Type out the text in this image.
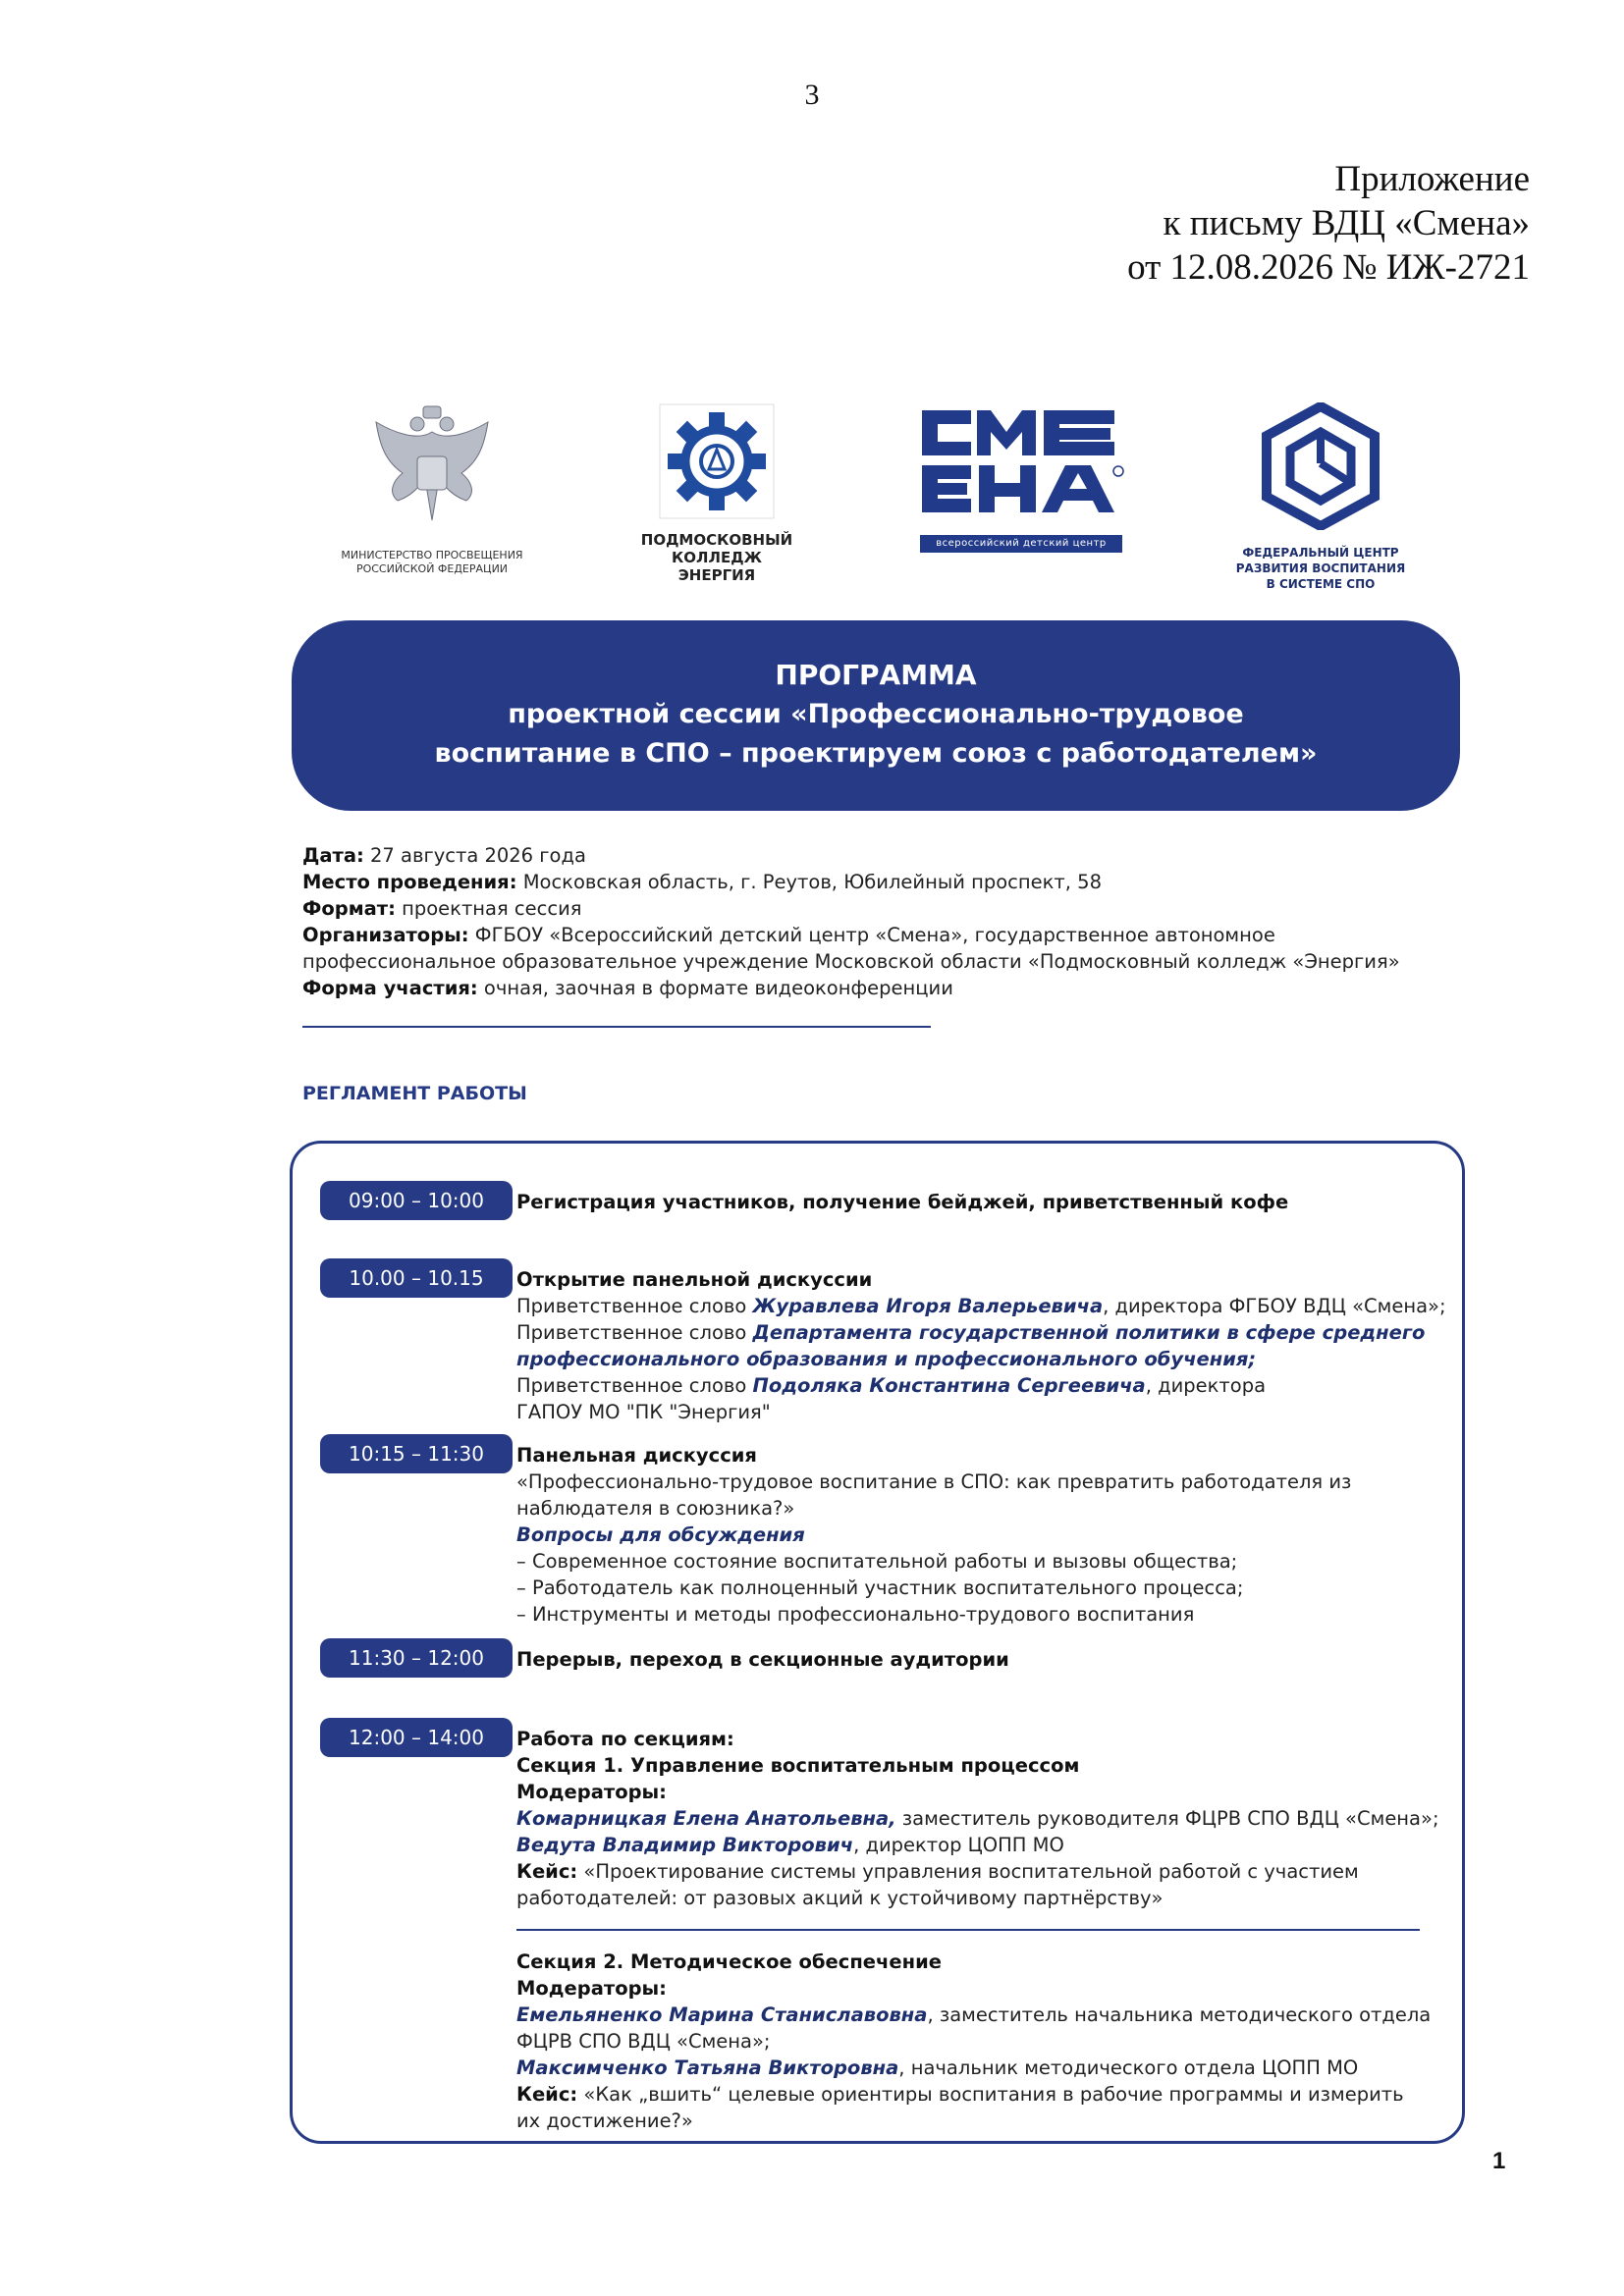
3
Приложение
к письму ВДЦ «Смена»
от 12.08.2026 № ИЖ-2721
МИНИСТЕРСТВО ПРОСВЕЩЕНИЯ
РОССИЙСКОЙ ФЕДЕРАЦИИ
ПОДМОСКОВНЫЙ
КОЛЛЕДЖ
ЭНЕРГИЯ
всероссийский детский центр
ФЕДЕРАЛЬНЫЙ ЦЕНТР
РАЗВИТИЯ ВОСПИТАНИЯ
В СИСТЕМЕ СПО
ПРОГРАММА
проектной сессии «Профессионально-трудовое
воспитание в СПО – проектируем союз с работодателем»
Дата: 27 августа 2026 года
Место проведения: Московская область, г. Реутов, Юбилейный проспект, 58
Формат: проектная сессия
Организаторы: ФГБОУ «Всероссийский детский центр «Смена», государственное автономное
профессиональное образовательное учреждение Московской области «Подмосковный колледж «Энергия»
Форма участия: очная, заочная в формате видеоконференции
РЕГЛАМЕНТ РАБОТЫ
09:00 – 10:00	Регистрация участников, получение бейджей, приветственный кофе
10.00 – 10.15	Открытие панельной дискуссии
Приветственное слово Журавлева Игоря Валерьевича, директора ФГБОУ ВДЦ «Смена»;
Приветственное слово Департамента государственной политики в сфере среднего
профессионального образования и профессионального обучения;
Приветственное слово Подоляка Константина Сергеевича, директора
ГАПОУ МО "ПК "Энергия"
10:15 – 11:30	Панельная дискуссия
«Профессионально-трудовое воспитание в СПО: как превратить работодателя из
наблюдателя в союзника?»
Вопросы для обсуждения
– Современное состояние воспитательной работы и вызовы общества;
– Работодатель как полноценный участник воспитательного процесса;
– Инструменты и методы профессионально-трудового воспитания
11:30 – 12:00	Перерыв, переход в секционные аудитории
12:00 – 14:00	Работа по секциям:
Секция 1. Управление воспитательным процессом
Модераторы:
Комарницкая Елена Анатольевна, заместитель руководителя ФЦРВ СПО ВДЦ «Смена»;
Ведута Владимир Викторович, директор ЦОПП МО
Кейс: «Проектирование системы управления воспитательной работой с участием
работодателей: от разовых акций к устойчивому партнёрству»
Секция 2. Методическое обеспечение
Модераторы:
Емельяненко Марина Станиславовна, заместитель начальника методического отдела
ФЦРВ СПО ВДЦ «Смена»;
Максимченко Татьяна Викторовна, начальник методического отдела ЦОПП МО
Кейс: «Как „вшить“ целевые ориентиры воспитания в рабочие программы и измерить
их достижение?»
1
